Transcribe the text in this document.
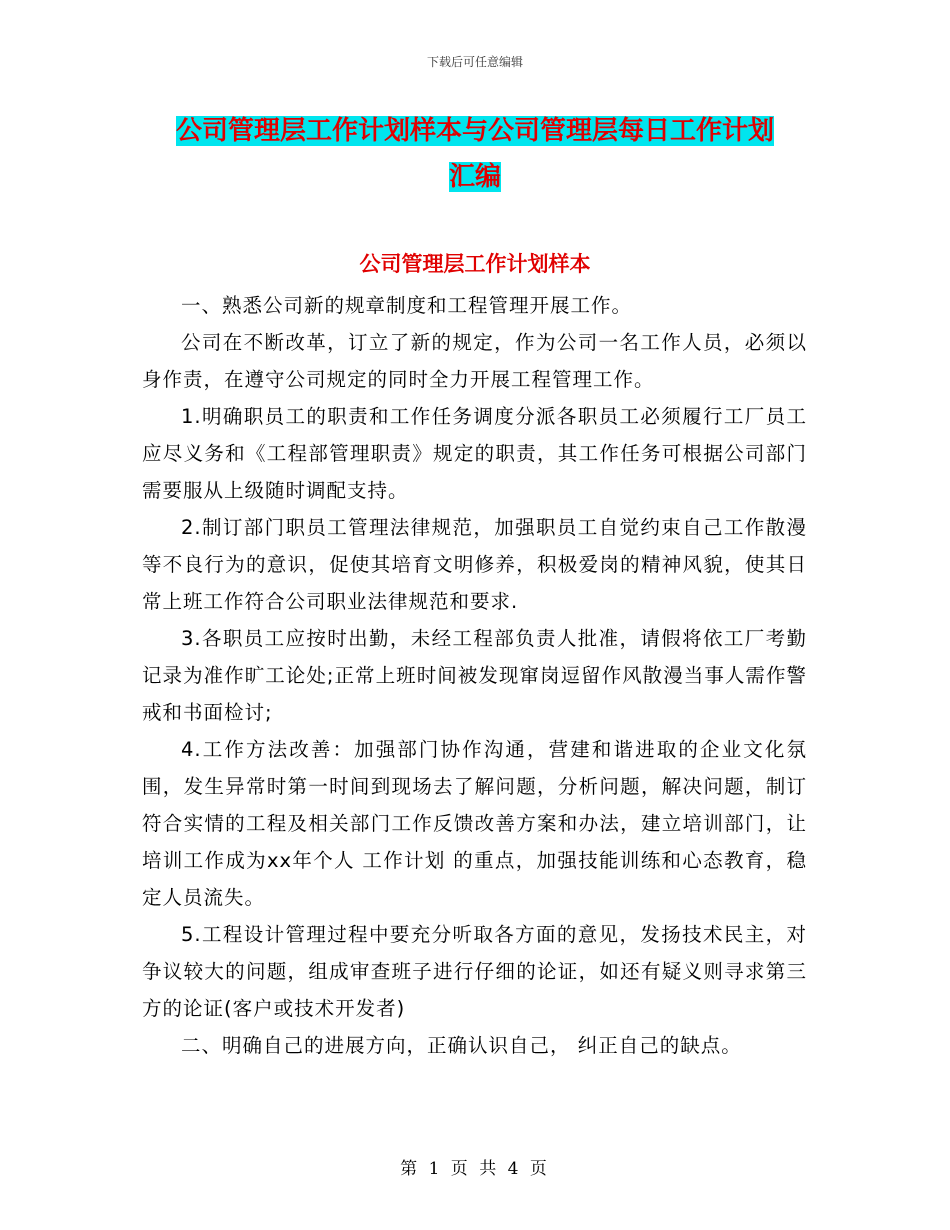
下载后可任意编辑
公司管理层工作计划样本与公司管理层每日工作计划
汇编
公司管理层工作计划样本

一、熟悉公司新的规章制度和工程管理开展工作。

公司在不断改革，订立了新的规定，作为公司一名工作人员，必须以身作责，在遵守公司规定的同时全力开展工程管理工作。

1.明确职员工的职责和工作任务调度分派各职员工必须履行工厂员工应尽义务和《工程部管理职责》规定的职责，其工作任务可根据公司部门需要服从上级随时调配支持。

2.制订部门职员工管理法律规范，加强职员工自觉约束自己工作散漫等不良行为的意识，促使其培育文明修养，积极爱岗的精神风貌，使其日常上班工作符合公司职业法律规范和要求.

3.各职员工应按时出勤，未经工程部负责人批准，请假将依工厂考勤记录为准作旷工论处;正常上班时间被发现窜岗逗留作风散漫当事人需作警戒和书面检讨;

4.工作方法改善：加强部门协作沟通，营建和谐进取的企业文化氛围，发生异常时第一时间到现场去了解问题，分析问题，解决问题，制订符合实情的工程及相关部门工作反馈改善方案和办法，建立培训部门，让培训工作成为xx年个人 工作计划 的重点，加强技能训练和心态教育，稳定人员流失。

5.工程设计管理过程中要充分听取各方面的意见，发扬技术民主，对争议较大的问题，组成审查班子进行仔细的论证，如还有疑义则寻求第三方的论证(客户或技术开发者)

二、明确自己的进展方向，正确认识自己， 纠正自己的缺点。

第 1 页 共 4 页
